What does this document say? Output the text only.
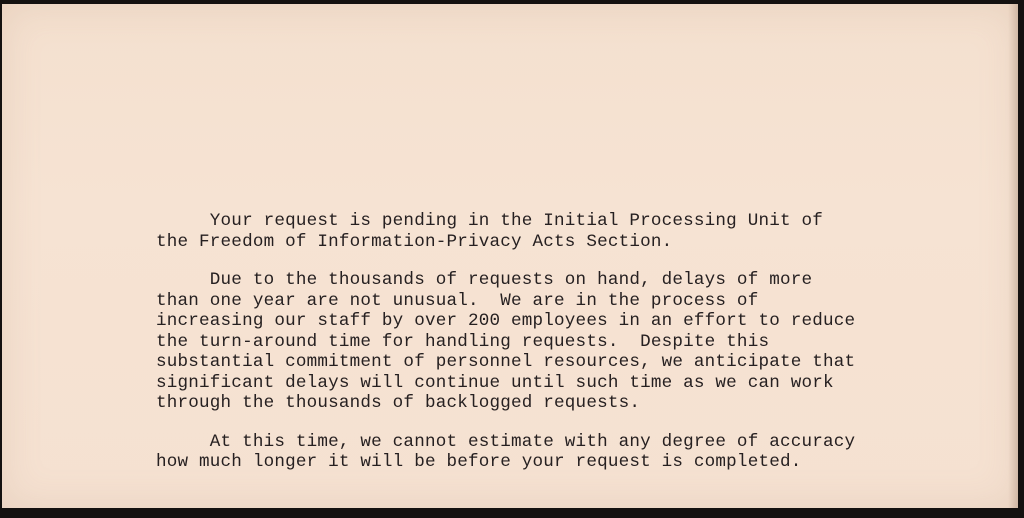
Your request is pending in the Initial Processing Unit of
the Freedom of Information-Privacy Acts Section.
Due to the thousands of requests on hand, delays of more
than one year are not unusual.  We are in the process of
increasing our staff by over 200 employees in an effort to reduce
the turn-around time for handling requests.  Despite this
substantial commitment of personnel resources, we anticipate that
significant delays will continue until such time as we can work
through the thousands of backlogged requests.
At this time, we cannot estimate with any degree of accuracy
how much longer it will be before your request is completed.
